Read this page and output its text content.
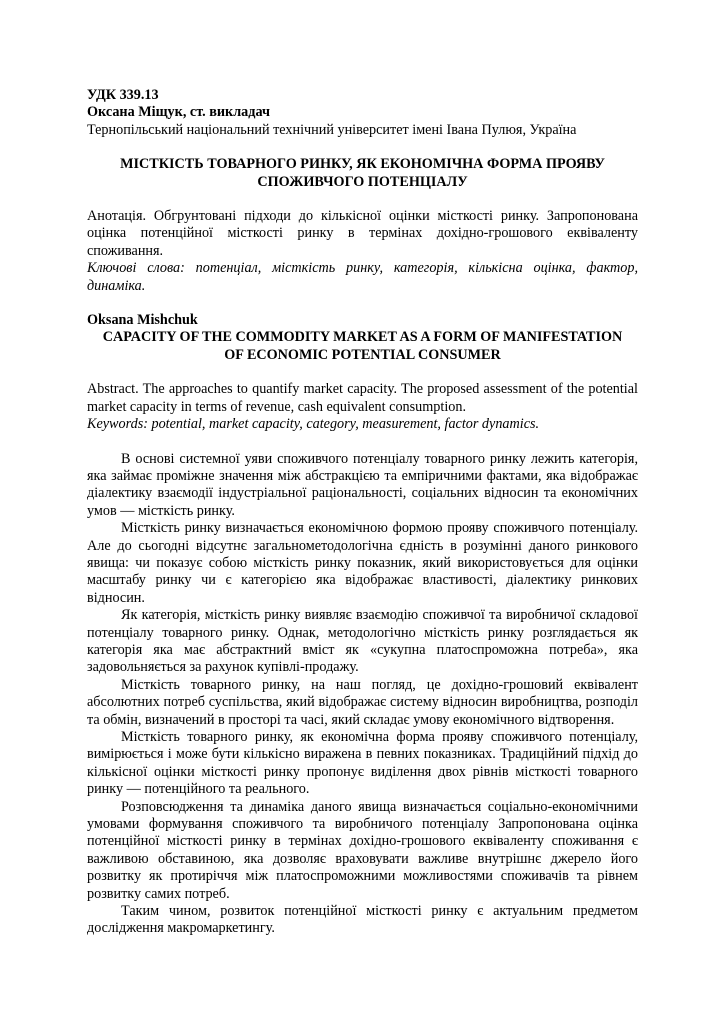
УДК 339.13

Оксана Міщук, ст. викладач

Тернопільський національний технічний університет імені Івана Пулюя, Україна

МІСТКІСТЬ ТОВАРНОГО РИНКУ, ЯК ЕКОНОМІЧНА ФОРМА ПРОЯВУ

СПОЖИВЧОГО ПОТЕНЦІАЛУ

Анотація. Обгрунтовані підходи до кількісної оцінки місткості ринку. Запропонована оцінка потенційної місткості ринку в термінах дохідно-грошового еквіваленту споживання.

Ключові слова: потенціал, місткість ринку, категорія, кількісна оцінка, фактор, динаміка.

Oksana Mishchuk

CAPACITY OF THE COMMODITY MARKET AS A FORM OF MANIFESTATION

OF ECONOMIC POTENTIAL CONSUMER

Abstract. The approaches to quantify market capacity. The proposed assessment of the potential market capacity in terms of revenue, cash equivalent consumption.

Keywords: potential, market capacity, category, measurement, factor dynamics.

В основі системної уяви споживчого потенціалу товарного ринку лежить категорія, яка займає проміжне значення між абстракцією та емпіричними фактами, яка відображає діалектику взаємодії індустріальної раціональності, соціальних відносин та економічних умов — місткість ринку.

Місткість ринку визначається економічною формою прояву споживчого потенціалу. Але до сьогодні відсутнє загальнометодологічна єдність в розумінні даного ринкового явища: чи показує собою місткість ринку показник, який використовується для оцінки масштабу ринку чи є категорією яка відображає властивості, діалектику ринкових відносин.

Як категорія, місткість ринку виявляє взаємодію споживчої та виробничої складової потенціалу товарного ринку. Однак, методологічно місткість ринку розглядається як категорія яка має абстрактний вміст як «сукупна платоспроможна потреба», яка задовольняється за рахунок купівлі-продажу.

Місткість товарного ринку, на наш погляд, це дохідно-грошовий еквівалент абсолютних потреб суспільства, який відображає систему відносин виробництва, розподіл та обмін, визначений в просторі та часі, який складає умову економічного відтворення.

Місткість товарного ринку, як економічна форма прояву споживчого потенціалу, вимірюється і може бути кількісно виражена в певних показниках. Традиційний підхід до кількісної оцінки місткості ринку пропонує виділення двох рівнів місткості товарного ринку — потенційного та реального.

Розповсюдження та динаміка даного явища визначається соціально-економічними умовами формування споживчого та виробничого потенціалу Запропонована оцінка потенційної місткості ринку в термінах дохідно-грошового еквіваленту споживання є важливою обставиною, яка дозволяє враховувати важливе внутрішнє джерело його розвитку як протиріччя між платоспроможними можливостями споживачів та рівнем розвитку самих потреб.

Таким чином, розвиток потенційної місткості ринку є актуальним предметом дослідження макромаркетингу.
